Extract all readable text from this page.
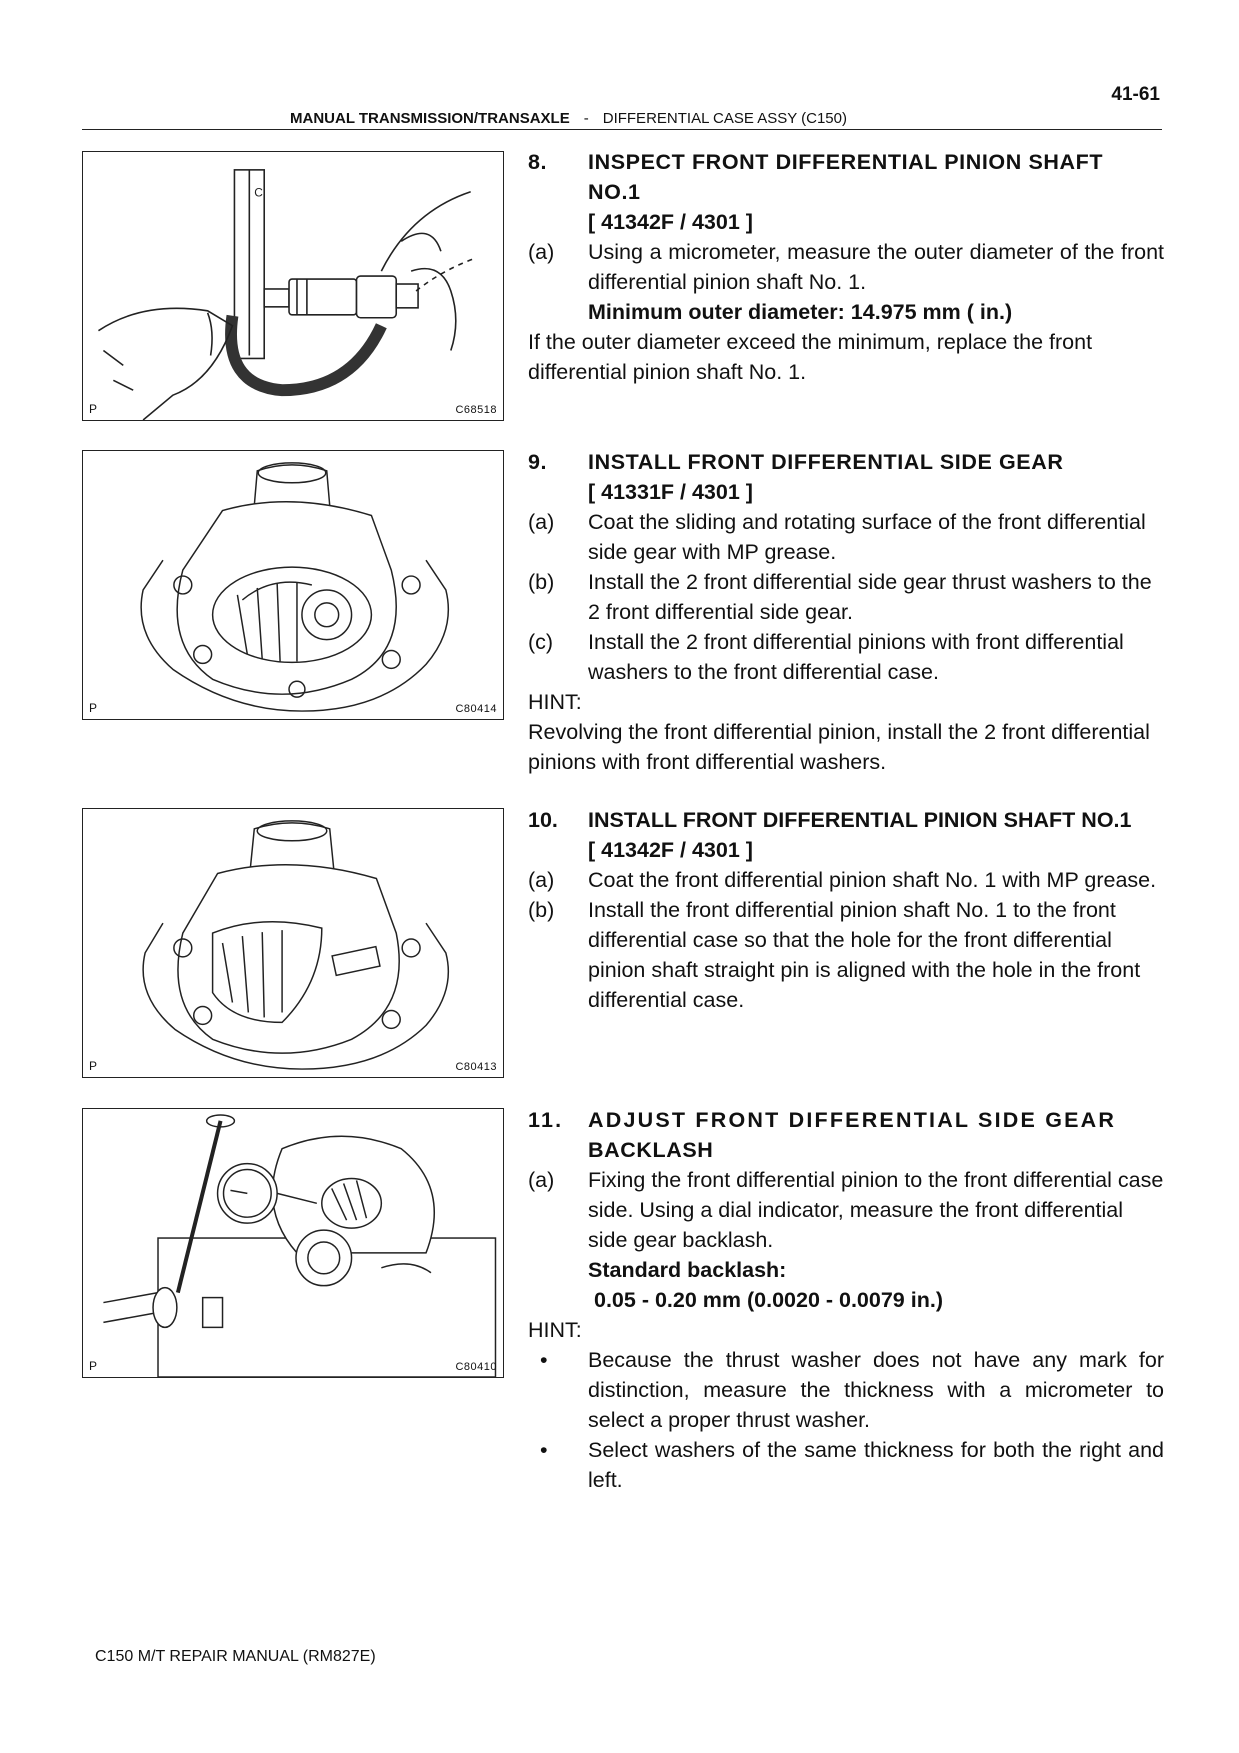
41-61
MANUAL TRANSMISSION/TRANSAXLE - DIFFERENTIAL CASE ASSY (C150)
C
P	C68518
P	C80414
P	C80413
P	C80410
8.	INSPECT FRONT DIFFERENTIAL PINION SHAFT
NO.1
[ 41342F / 4301 ]
(a)	Using a micrometer, measure the outer diameter of the front differential pinion shaft No. 1.
Minimum outer diameter: 14.975 mm ( in.)
If the outer diameter exceed the minimum, replace the front differential pinion shaft No. 1.
9.	INSTALL FRONT DIFFERENTIAL SIDE GEAR
[ 41331F / 4301 ]
(a)	Coat the sliding and rotating surface of the front differential side gear with MP grease.
(b)	Install the 2 front differential side gear thrust washers to the 2 front differential side gear.
(c)	Install the 2 front differential pinions with front differential washers to the front differential case.
HINT:
Revolving the front differential pinion, install the 2 front differential pinions with front differential washers.
10.	INSTALL FRONT DIFFERENTIAL PINION SHAFT NO.1
[ 41342F / 4301 ]
(a)	Coat the front differential pinion shaft No. 1 with MP grease.
(b)	Install the front differential pinion shaft No. 1 to the front differential case so that the hole for the front differential pinion shaft straight pin is aligned with the hole in the front differential case.
11.	ADJUST FRONT DIFFERENTIAL SIDE GEAR
BACKLASH
(a)	Fixing the front differential pinion to the front differential case side. Using a dial indicator, measure the front differential side gear backlash.
Standard backlash:
0.05 - 0.20 mm (0.0020 - 0.0079 in.)
HINT:
•	Because the thrust washer does not have any mark for distinction, measure the thickness with a micrometer to select a proper thrust washer.
•	Select washers of the same thickness for both the right and left.
C150 M/T REPAIR MANUAL (RM827E)
